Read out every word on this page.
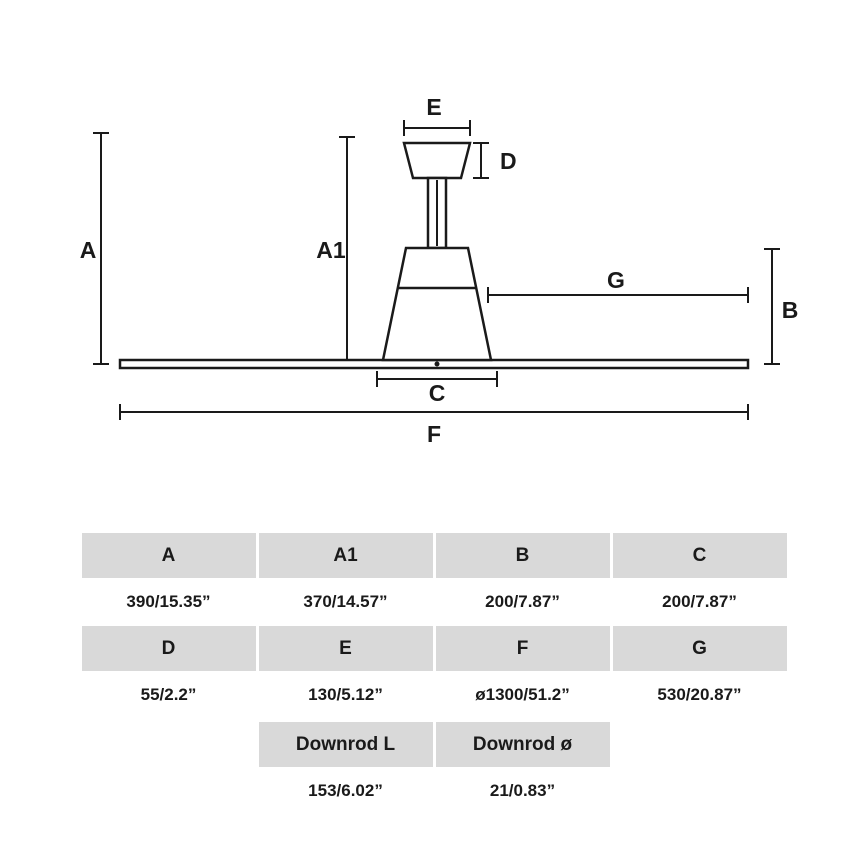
A	A1
B
C
D
E
F
G
A	A1	B	C
390/15.35”	370/14.57”	200/7.87”	200/7.87”
D	E	F	G
55/2.2”	130/5.12”	ø1300/51.2”	530/20.87”
Downrod L	Downrod ø
153/6.02”	21/0.83”
